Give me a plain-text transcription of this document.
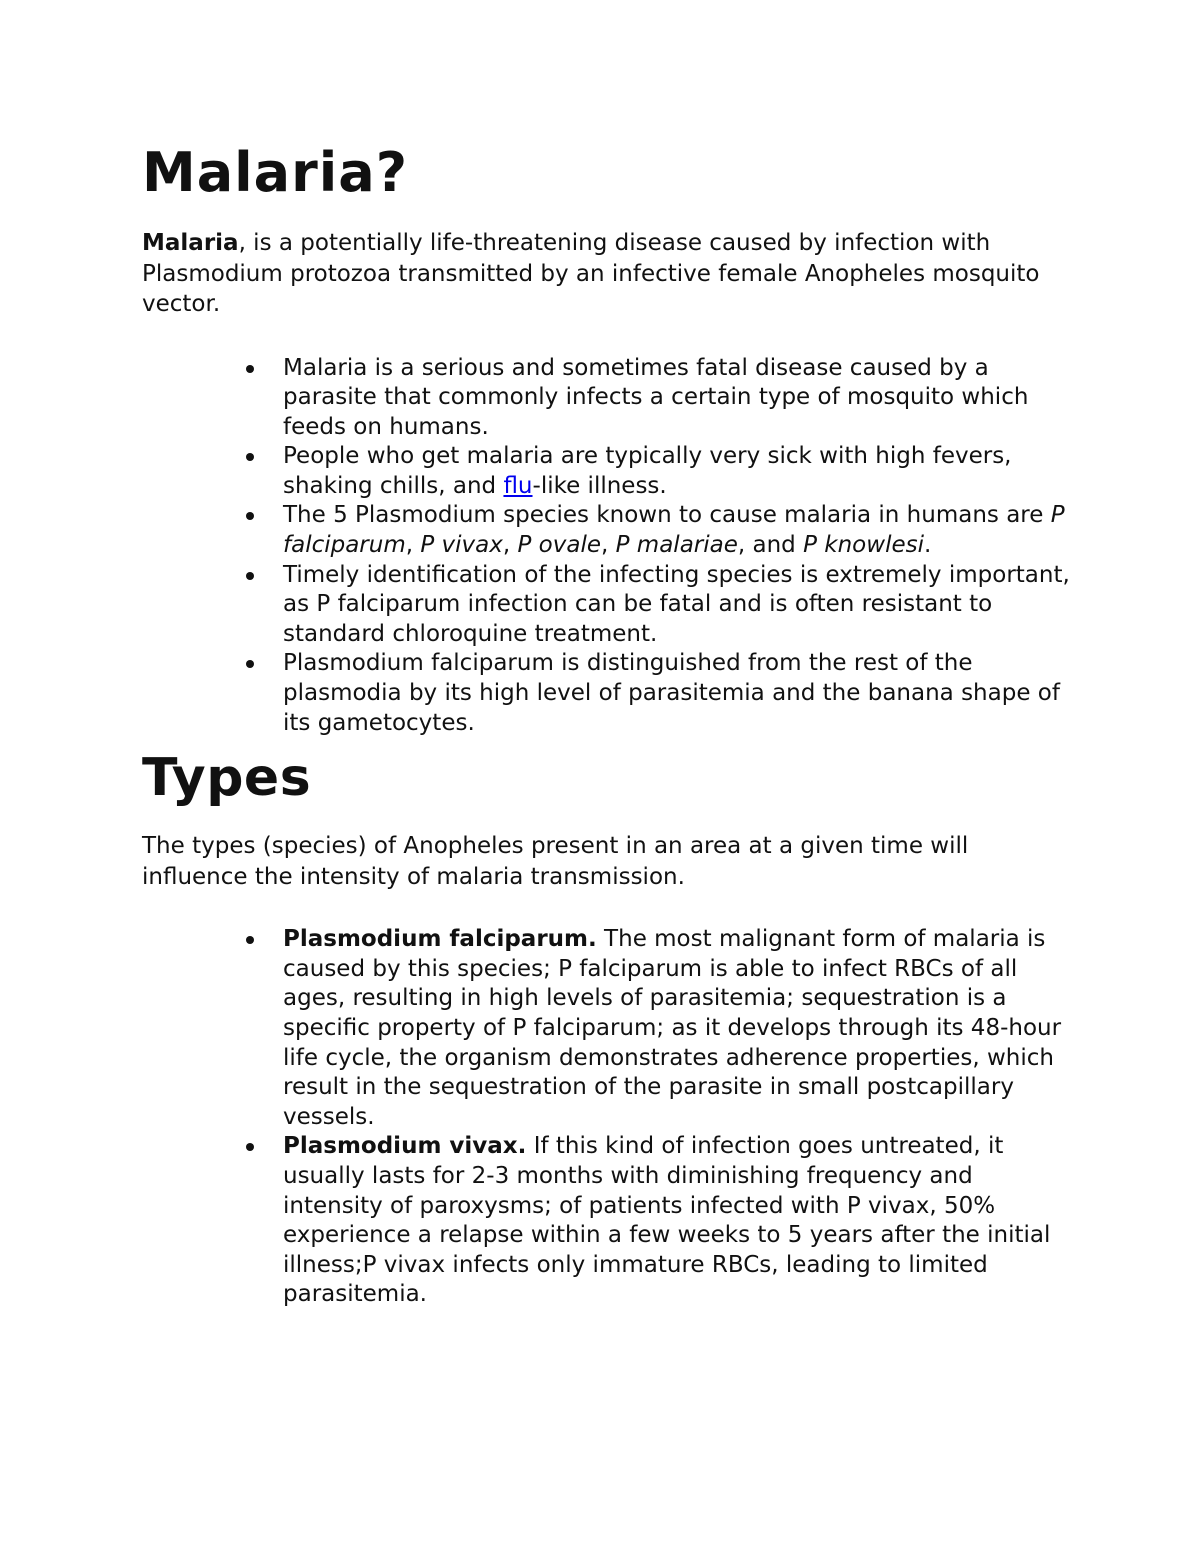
Malaria?

Malaria, is a potentially life-threatening disease caused by infection with Plasmodium protozoa transmitted by an infective female Anopheles mosquito vector.

Malaria is a serious and sometimes fatal disease caused by a parasite that commonly infects a certain type of mosquito which feeds on humans.
People who get malaria are typically very sick with high fevers, shaking chills, and flu-like illness.
The 5 Plasmodium species known to cause malaria in humans are P falciparum, P vivax, P ovale, P malariae, and P knowlesi.
Timely identification of the infecting species is extremely important, as P falciparum infection can be fatal and is often resistant to standard chloroquine treatment.
Plasmodium falciparum is distinguished from the rest of the plasmodia by its high level of parasitemia and the banana shape of its gametocytes.
Types

The types (species) of Anopheles present in an area at a given time will influence the intensity of malaria transmission.

Plasmodium falciparum. The most malignant form of malaria is caused by this species; P falciparum is able to infect RBCs of all ages, resulting in high levels of parasitemia; sequestration is a specific property of P falciparum; as it develops through its 48-hour life cycle, the organism demonstrates adherence properties, which result in the sequestration of the parasite in small postcapillary vessels.
Plasmodium vivax. If this kind of infection goes untreated, it usually lasts for 2-3 months with diminishing frequency and intensity of paroxysms; of patients infected with P vivax, 50% experience a relapse within a few weeks to 5 years after the initial illness;P vivax infects only immature RBCs, leading to limited parasitemia.
